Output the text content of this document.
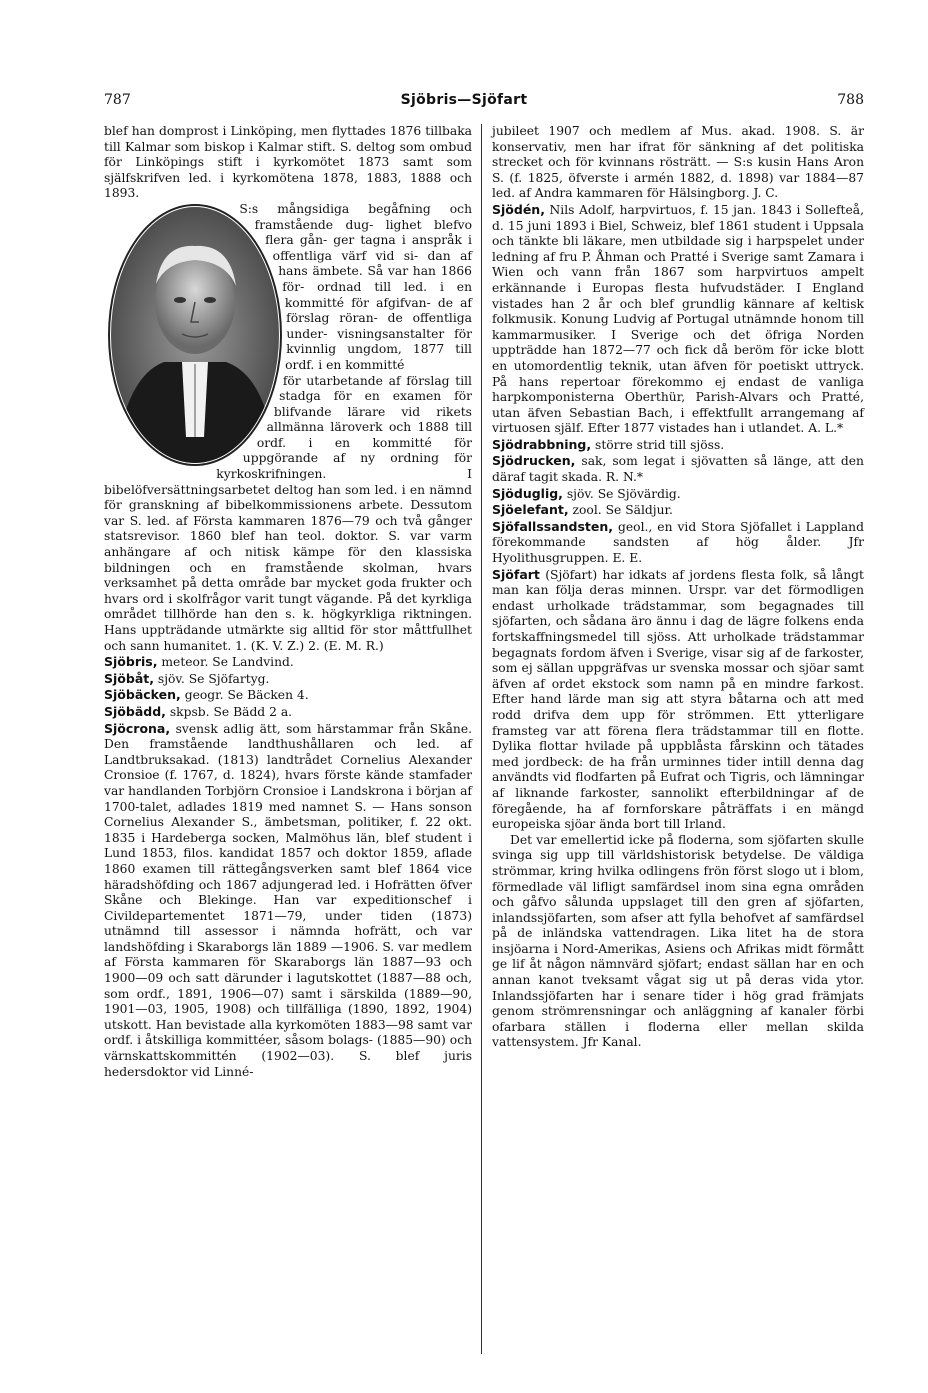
787	Sjöbris—Sjöfart	788

blef han domprost i Linköping, men flyttades 1876 tillbaka till Kalmar som biskop i Kalmar stift. S. deltog som ombud för Linköpings stift i kyrkomötet 1873 samt som själfskrifven led. i kyrkomötena 1878, 1883, 1888 och 1893.

S:s mångsidiga begåfning och framstående dug- lighet blefvo flera gån- ger tagna i anspråk i offentliga värf vid si- dan af hans ämbete. Så var han 1866 för- ordnad till led. i en kommitté för afgifvan- de af förslag röran- de offentliga under- visningsanstalter för kvinnlig ungdom, 1877 till ordf. i en kommitté

för utarbetande af förslag till stadga för en examen för blifvande lärare vid rikets allmänna läroverk och 1888 till ordf. i en kommitté för uppgörande af ny ordning för kyrkoskrifningen. I bibelöfversättningsarbetet deltog han som led. i en nämnd för granskning af bibelkommissionens arbete. Dessutom var S. led. af Första kammaren 1876—79 och två gånger statsrevisor. 1860 blef han teol. doktor. S. var varm anhängare af och nitisk kämpe för den klassiska bildningen och en framstående skolman, hvars verksamhet på detta område bar mycket goda frukter och hvars ord i skolfrågor varit tungt vägande. På det kyrkliga området tillhörde han den s. k. högkyrkliga riktningen. Hans uppträdande utmärkte sig alltid för stor måttfullhet och sann humanitet. 1. (K. V. Z.) 2. (E. M. R.)

Sjöbris, meteor. Se Landvind.

Sjöbåt, sjöv. Se Sjöfartyg.

Sjöbäcken, geogr. Se Bäcken 4.

Sjöbädd, skpsb. Se Bädd 2 a.

Sjöcrona, svensk adlig ätt, som härstammar från Skåne. Den framstående landthushållaren och led. af Landtbruksakad. (1813) landtrådet Cornelius Alexander Cronsioe (f. 1767, d. 1824), hvars förste kände stamfader var handlanden Torbjörn Cronsioe i Landskrona i början af 1700-talet, adlades 1819 med namnet S. — Hans sonson Cornelius Alexander S., ämbetsman, politiker, f. 22 okt. 1835 i Hardeberga socken, Malmöhus län, blef student i Lund 1853, filos. kandidat 1857 och doktor 1859, aflade 1860 examen till rättegångsverken samt blef 1864 vice häradshöfding och 1867 adjungerad led. i Hofrätten öfver Skåne och Blekinge. Han var expeditionschef i Civildepartementet 1871—79, under tiden (1873) utnämnd till assessor i nämnda hofrätt, och var landshöfding i Skaraborgs län 1889 —1906. S. var medlem af Första kammaren för Skaraborgs län 1887—93 och 1900—09 och satt därunder i lagutskottet (1887—88 och, som ordf., 1891, 1906—07) samt i särskilda (1889—90, 1901—03, 1905, 1908) och tillfälliga (1890, 1892, 1904) utskott. Han bevistade alla kyrkomöten 1883—98 samt var ordf. i åtskilliga kommittéer, såsom bolags- (1885—90) och värnskattskommittén (1902—03). S. blef juris hedersdoktor vid Linné-

jubileet 1907 och medlem af Mus. akad. 1908. S. är konservativ, men har ifrat för sänkning af det politiska strecket och för kvinnans rösträtt. — S:s kusin Hans Aron S. (f. 1825, öfverste i armén 1882, d. 1898) var 1884—87 led. af Andra kammaren för Hälsingborg. J. C.

Sjödén, Nils Adolf, harpvirtuos, f. 15 jan. 1843 i Sollefteå, d. 15 juni 1893 i Biel, Schweiz, blef 1861 student i Uppsala och tänkte bli läkare, men utbildade sig i harpspelet under ledning af fru P. Åhman och Pratté i Sverige samt Zamara i Wien och vann från 1867 som harpvirtuos ampelt erkännande i Europas flesta hufvudstäder. I England vistades han 2 år och blef grundlig kännare af keltisk folkmusik. Konung Ludvig af Portugal utnämnde honom till kammarmusiker. I Sverige och det öfriga Norden uppträdde han 1872—77 och fick då beröm för icke blott en utomordentlig teknik, utan äfven för poetiskt uttryck. På hans repertoar förekommo ej endast de vanliga harpkomponisterna Oberthür, Parish-Alvars och Pratté, utan äfven Sebastian Bach, i effektfullt arrangemang af virtuosen själf. Efter 1877 vistades han i utlandet. A. L.*

Sjödrabbning, större strid till sjöss.

Sjödrucken, sak, som legat i sjövatten så länge, att den däraf tagit skada. R. N.*

Sjöduglig, sjöv. Se Sjövärdig.

Sjöelefant, zool. Se Säldjur.

Sjöfallssandsten, geol., en vid Stora Sjöfallet i Lappland förekommande sandsten af hög ålder. Jfr Hyolithusgruppen. E. E.

Sjöfart (Sjöfart) har idkats af jordens flesta folk, så långt man kan följa deras minnen. Urspr. var det förmodligen endast urholkade trädstammar, som begagnades till sjöfarten, och sådana äro ännu i dag de lägre folkens enda fortskaffningsmedel till sjöss. Att urholkade trädstammar begagnats fordom äfven i Sverige, visar sig af de farkoster, som ej sällan uppgräfvas ur svenska mossar och sjöar samt äfven af ordet ekstock som namn på en mindre farkost. Efter hand lärde man sig att styra båtarna och att med rodd drifva dem upp för strömmen. Ett ytterligare framsteg var att förena flera trädstammar till en flotte. Dylika flottar hvilade på uppblåsta fårskinn och tätades med jordbeck: de ha från urminnes tider intill denna dag användts vid flodfarten på Eufrat och Tigris, och lämningar af liknande farkoster, sannolikt efterbildningar af de föregående, ha af fornforskare påträffats i en mängd europeiska sjöar ända bort till Irland.

Det var emellertid icke på floderna, som sjöfarten skulle svinga sig upp till världshistorisk betydelse. De väldiga strömmar, kring hvilka odlingens frön först slogo ut i blom, förmedlade väl lifligt samfärdsel inom sina egna områden och gåfvo sålunda uppslaget till den gren af sjöfarten, inlandssjöfarten, som afser att fylla behofvet af samfärdsel på de inländska vattendragen. Lika litet ha de stora insjöarna i Nord-Amerikas, Asiens och Afrikas midt förmått ge lif åt någon nämnvärd sjöfart; endast sällan har en och annan kanot tveksamt vågat sig ut på deras vida ytor. Inlandssjöfarten har i senare tider i hög grad främjats genom strömrensningar och anläggning af kanaler förbi ofarbara ställen i floderna eller mellan skilda vattensystem. Jfr Kanal.
